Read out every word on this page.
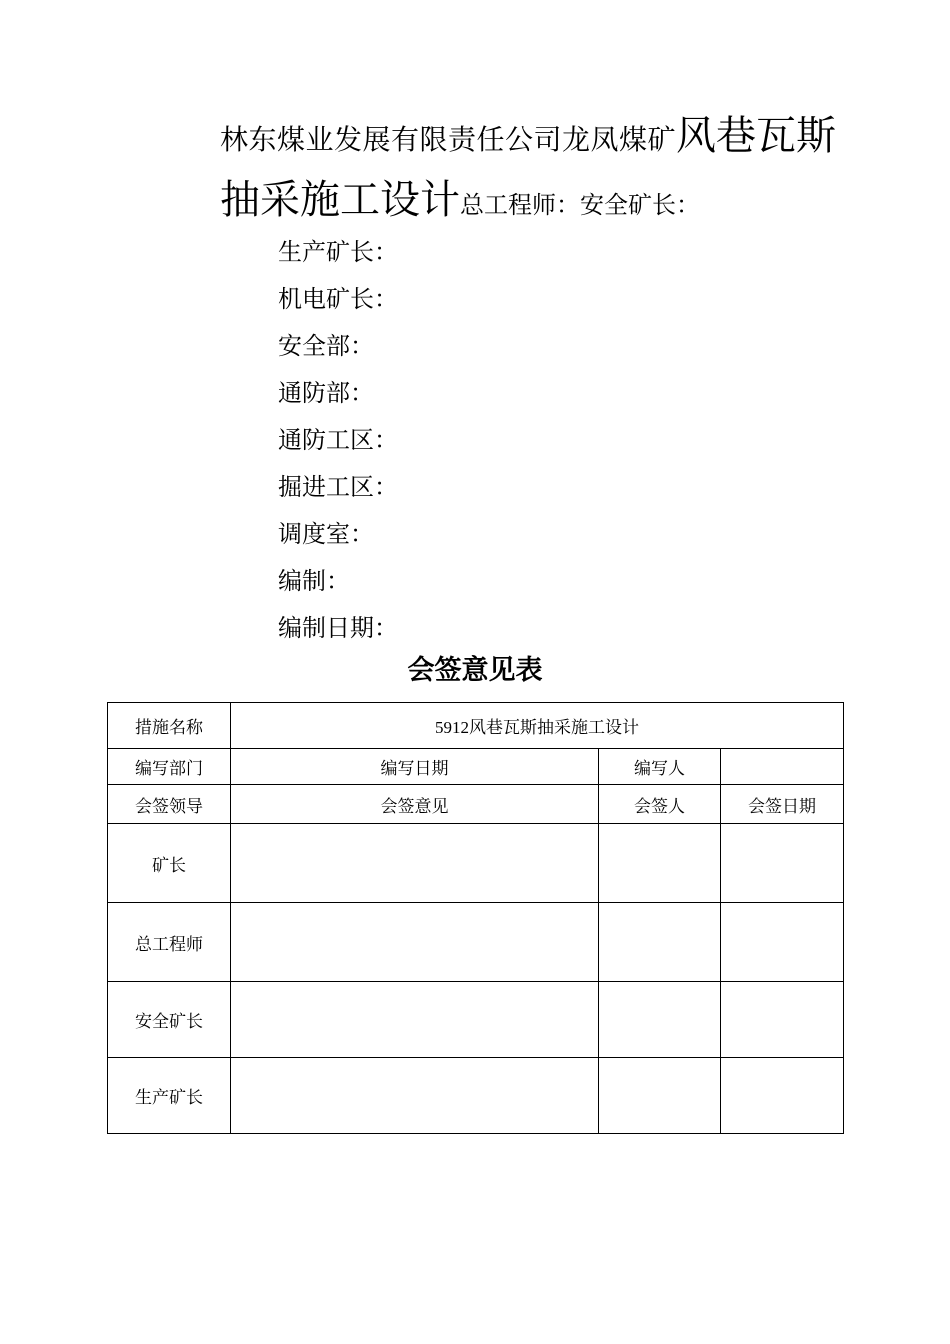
林东煤业发展有限责任公司龙凤煤矿风巷瓦斯抽采施工设计总工程师：安全矿长：
生产矿长：
机电矿长：
安全部：
通防部：
通防工区：
掘进工区：
调度室：
编制：
编制日期：
会签意见表
措施名称	5912风巷瓦斯抽采施工设计		
编写部门	编写日期	编写人	
会签领导	会签意见	会签人	会签日期
矿长			
总工程师			
安全矿长			
生产矿长			
